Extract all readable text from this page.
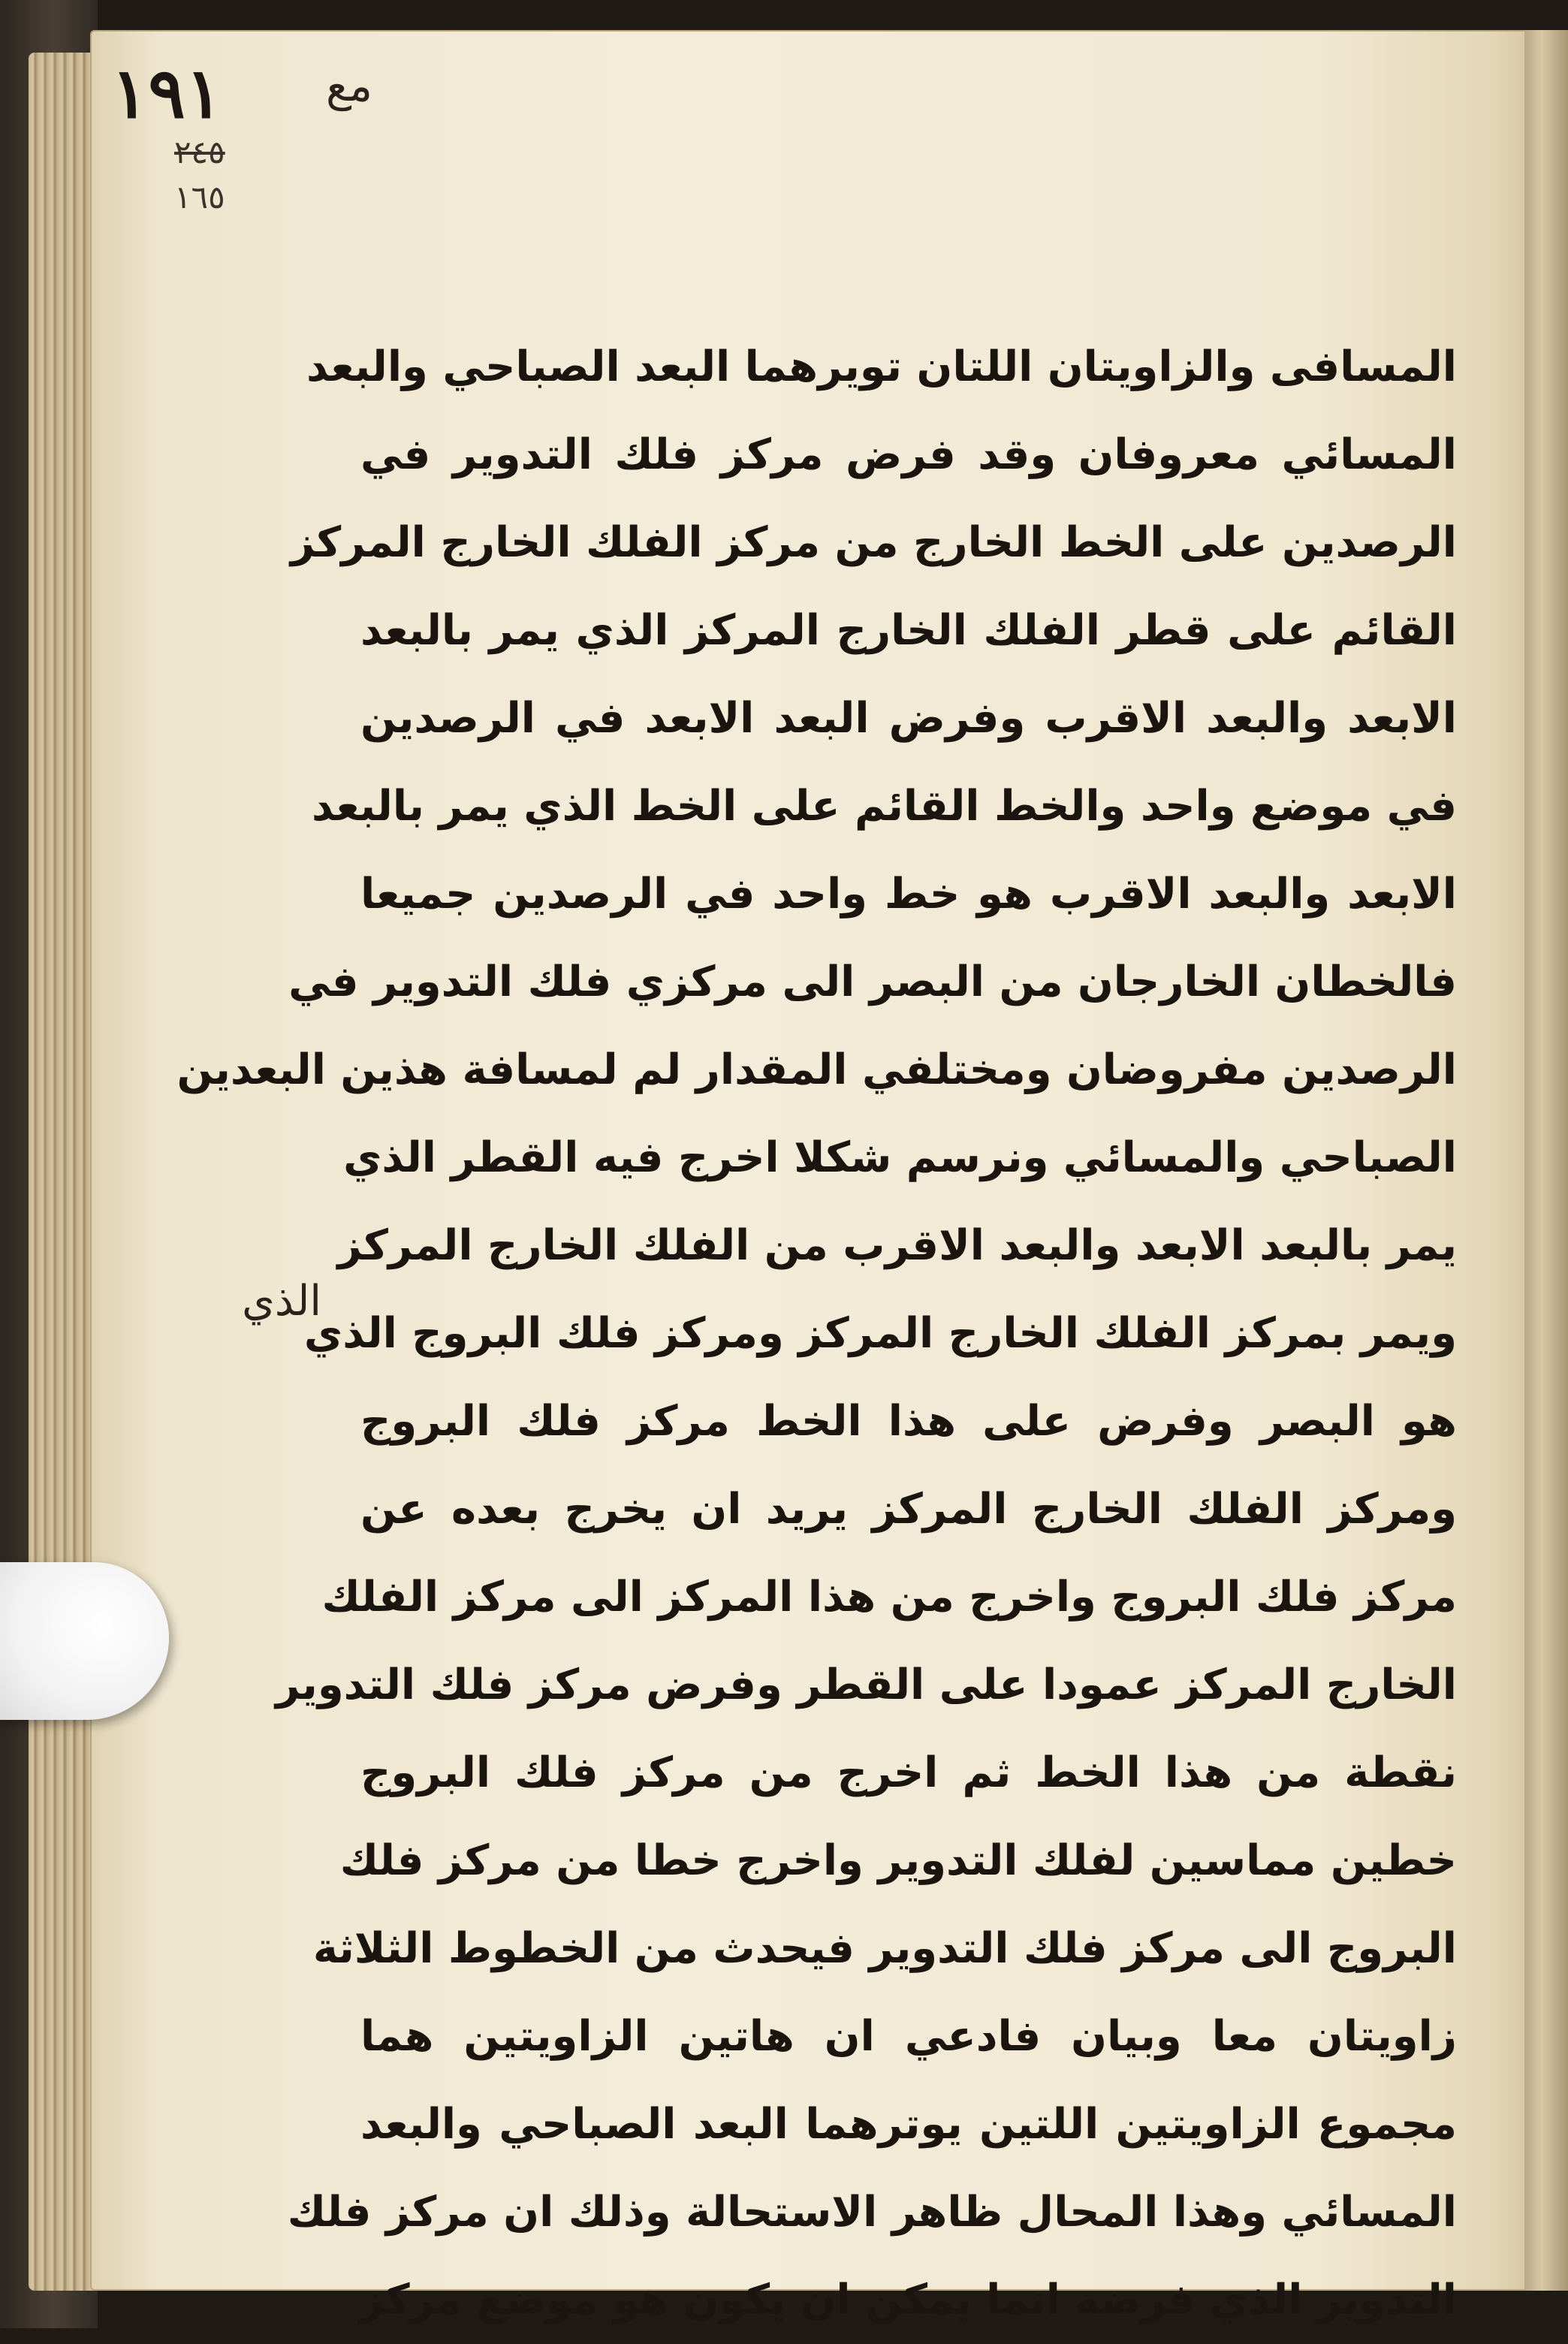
١٩١
٢٤٥
١٦٥
مع
الذي
المسافى والزاويتان اللتان تويرهما البعد الصباحي والبعد
المسائي معروفان وقد فرض مركز فلك التدوير في
الرصدين على الخط الخارج من مركز الفلك الخارج المركز
القائم على قطر الفلك الخارج المركز الذي يمر بالبعد
الابعد والبعد الاقرب وفرض البعد الابعد في الرصدين
في موضع واحد والخط القائم على الخط الذي يمر بالبعد
الابعد والبعد الاقرب هو خط واحد في الرصدين جميعا
فالخطان الخارجان من البصر الى مركزي فلك التدوير في
الرصدين مفروضان ومختلفي المقدار لم لمسافة هذين البعدين
الصباحي والمسائي ونرسم شكلا اخرج فيه القطر الذي
يمر بالبعد الابعد والبعد الاقرب من الفلك الخارج المركز
ويمر بمركز الفلك الخارج المركز ومركز فلك البروج الذي
هو البصر وفرض على هذا الخط مركز فلك البروج
ومركز الفلك الخارج المركز يريد ان يخرج بعده عن
مركز فلك البروج واخرج من هذا المركز الى مركز الفلك
الخارج المركز عمودا على القطر وفرض مركز فلك التدوير
نقطة من هذا الخط ثم اخرج من مركز فلك البروج
خطين مماسين لفلك التدوير واخرج خطا من مركز فلك
البروج الى مركز فلك التدوير فيحدث من الخطوط الثلاثة
زاويتان معا وبيان فادعي ان هاتين الزاويتين هما
مجموع الزاويتين اللتين يوترهما البعد الصباحي والبعد
المسائي وهذا المحال ظاهر الاستحالة وذلك ان مركز فلك
التدوير الذي فرضه انما يمكن ان يكون هو موضع مركز
